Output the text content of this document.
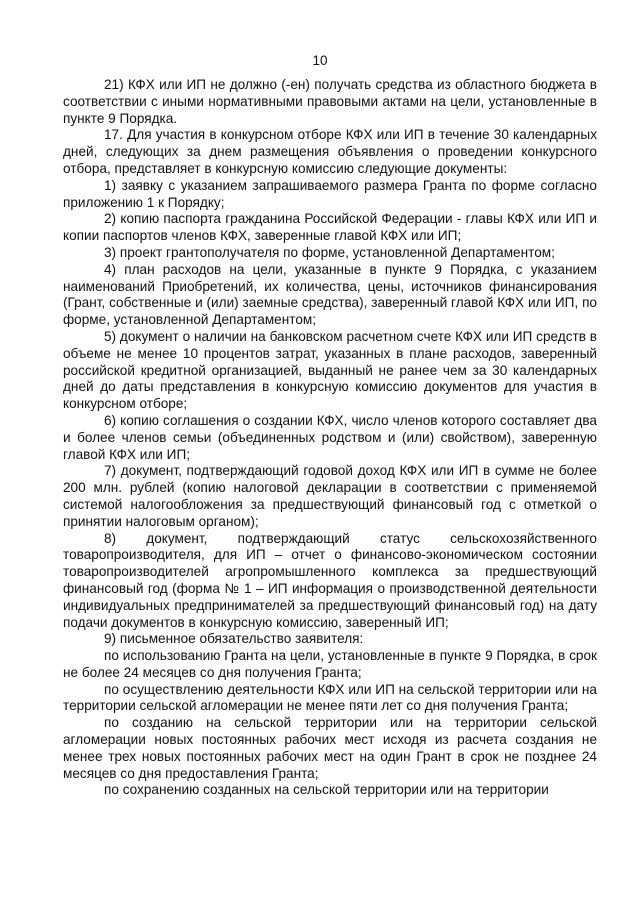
10

21) КФХ или ИП не должно (-ен) получать средства из областного бюджета в соответствии с иными нормативными правовыми актами на цели, установленные в пункте 9 Порядка.

17. Для участия в конкурсном отборе КФХ или ИП в течение 30 календарных дней, следующих за днем размещения объявления о проведении конкурсного отбора, представляет в конкурсную комиссию следующие документы:

1) заявку с указанием запрашиваемого размера Гранта по форме согласно приложению 1 к Порядку;

2) копию паспорта гражданина Российской Федерации - главы КФХ или ИП и копии паспортов членов КФХ, заверенные главой КФХ или ИП;

3) проект грантополучателя по форме, установленной Департаментом;

4) план расходов на цели, указанные в пункте 9 Порядка, с указанием наименований Приобретений, их количества, цены, источников финансирования (Грант, собственные и (или) заемные средства), заверенный главой КФХ или ИП, по форме, установленной Департаментом;

5) документ о наличии на банковском расчетном счете КФХ или ИП средств в объеме не менее 10 процентов затрат, указанных в плане расходов, заверенный российской кредитной организацией, выданный не ранее чем за 30 календарных дней до даты представления в конкурсную комиссию документов для участия в конкурсном отборе;

6) копию соглашения о создании КФХ, число членов которого составляет два и более членов семьи (объединенных родством и (или) свойством), заверенную главой КФХ или ИП;

7) документ, подтверждающий годовой доход КФХ или ИП в сумме не более 200 млн. рублей (копию налоговой декларации в соответствии с применяемой системой налогообложения за предшествующий финансовый год с отметкой о принятии налоговым органом);

8) документ, подтверждающий статус сельскохозяйственного товаропроизводителя, для ИП – отчет о финансово-экономическом состоянии товаропроизводителей агропромышленного комплекса за предшествующий финансовый год (форма № 1 – ИП информация о производственной деятельности индивидуальных предпринимателей за предшествующий финансовый год) на дату подачи документов в конкурсную комиссию, заверенный ИП;

9) письменное обязательство заявителя:

по использованию Гранта на цели, установленные в пункте 9 Порядка, в срок не более 24 месяцев со дня получения Гранта;

по осуществлению деятельности КФХ или ИП на сельской территории или на территории сельской агломерации не менее пяти лет со дня получения Гранта;

по созданию на сельской территории или на территории сельской агломерации новых постоянных рабочих мест исходя из расчета создания не менее трех новых постоянных рабочих мест на один Грант в срок не позднее 24 месяцев со дня предоставления Гранта;

по сохранению созданных на сельской территории или на территории
